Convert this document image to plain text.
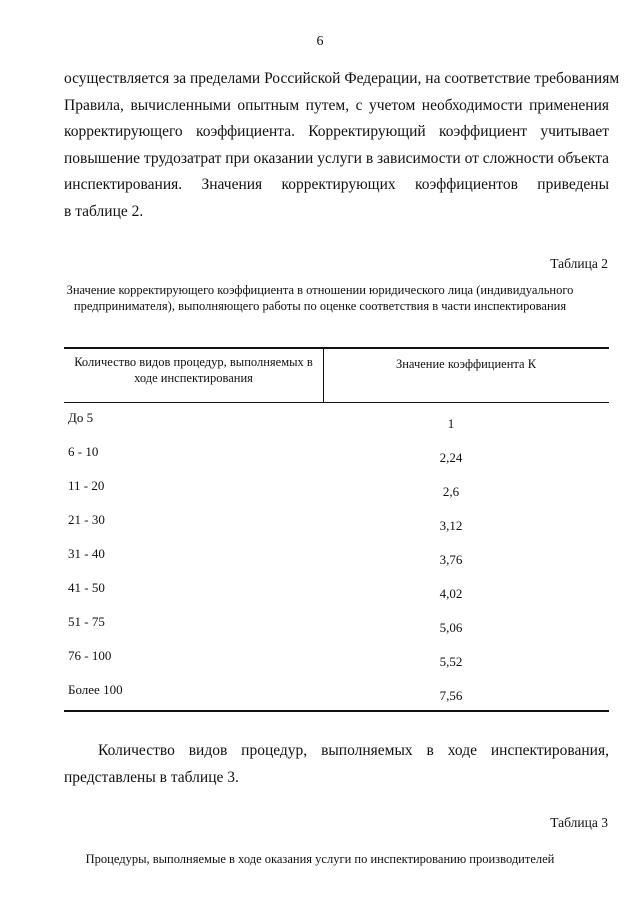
6

осуществляется за пределами Российской Федерации, на соответствие требованиям
Правила, вычисленными опытным путем, с учетом необходимости применения
корректирующего коэффициента. Корректирующий коэффициент учитывает
повышение трудозатрат при оказании услуги в зависимости от сложности объекта
инспектирования. Значения корректирующих коэффициентов приведены
в таблице 2.

Таблица 2
Значение корректирующего коэффициента в отношении юридического лица (индивидуального
предпринимателя), выполняющего работы по оценке соответствия в части инспектирования
Количество видов процедур, выполняемых в
ходе инспектирования
Значение коэффициента К
До 5	1
6 - 10	2,24
11 - 20	2,6
21 - 30	3,12
31 - 40	3,76
41 - 50	4,02
51 - 75	5,06
76 - 100	5,52
Более 100	7,56

Количество видов процедур, выполняемых в ходе инспектирования,
представлены в таблице 3.

Таблица 3
Процедуры, выполняемые в ходе оказания услуги по инспектированию производителей
